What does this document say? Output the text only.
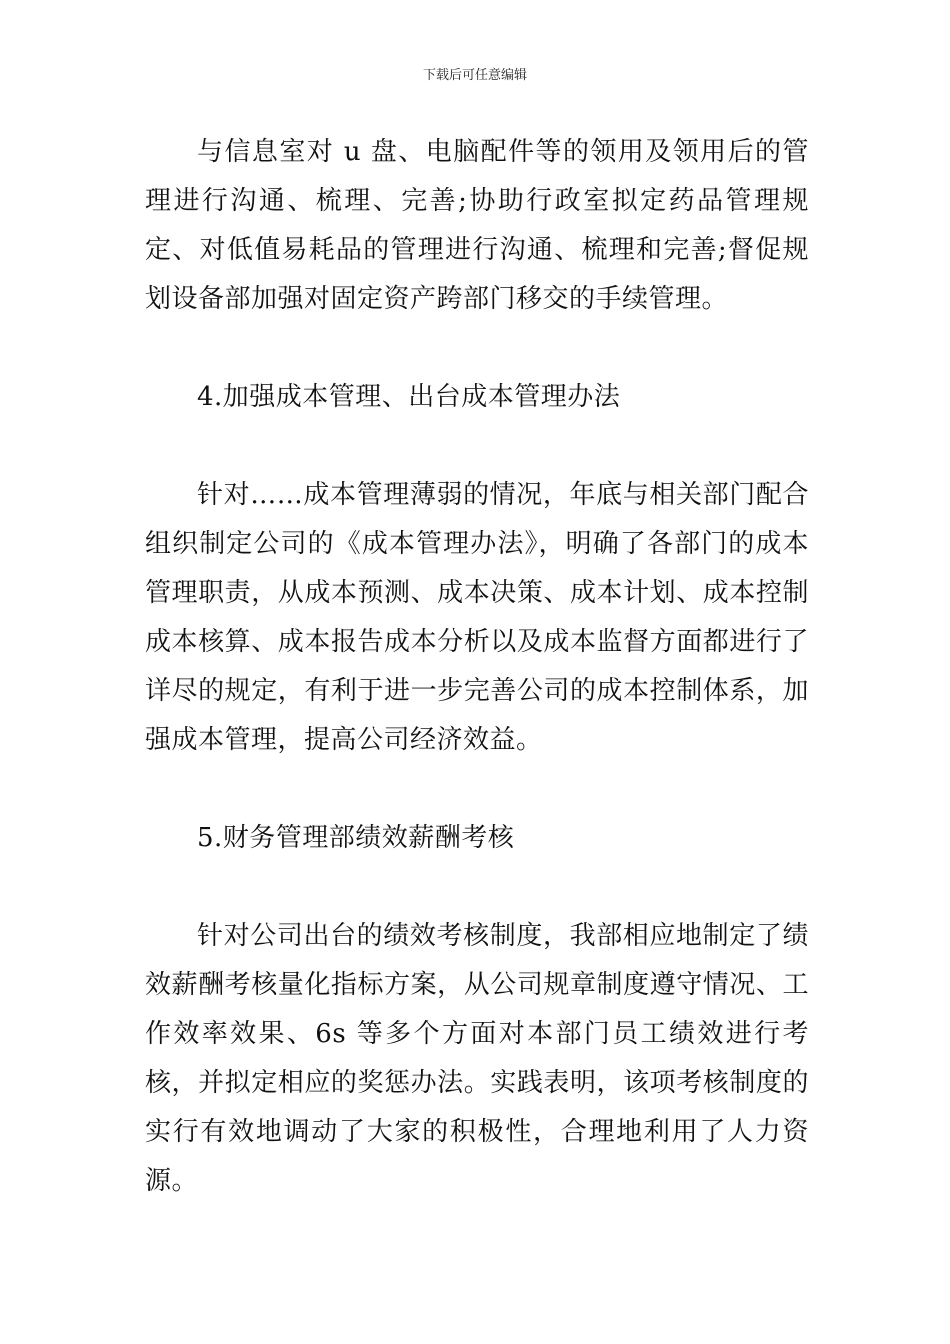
下载后可任意编辑

与信息室对 u 盘、电脑配件等的领用及领用后的管理进行沟通、梳理、完善;协助行政室拟定药品管理规定、对低值易耗品的管理进行沟通、梳理和完善;督促规划设备部加强对固定资产跨部门移交的手续管理。

4.加强成本管理、出台成本管理办法

针对……成本管理薄弱的情况，年底与相关部门配合组织制定公司的《成本管理办法》，明确了各部门的成本管理职责，从成本预测、成本决策、成本计划、成本控制成本核算、成本报告成本分析以及成本监督方面都进行了详尽的规定，有利于进一步完善公司的成本控制体系，加强成本管理，提高公司经济效益。

5.财务管理部绩效薪酬考核

针对公司出台的绩效考核制度，我部相应地制定了绩效薪酬考核量化指标方案，从公司规章制度遵守情况、工作效率效果、6s 等多个方面对本部门员工绩效进行考核，并拟定相应的奖惩办法。实践表明，该项考核制度的实行有效地调动了大家的积极性，合理地利用了人力资源。
